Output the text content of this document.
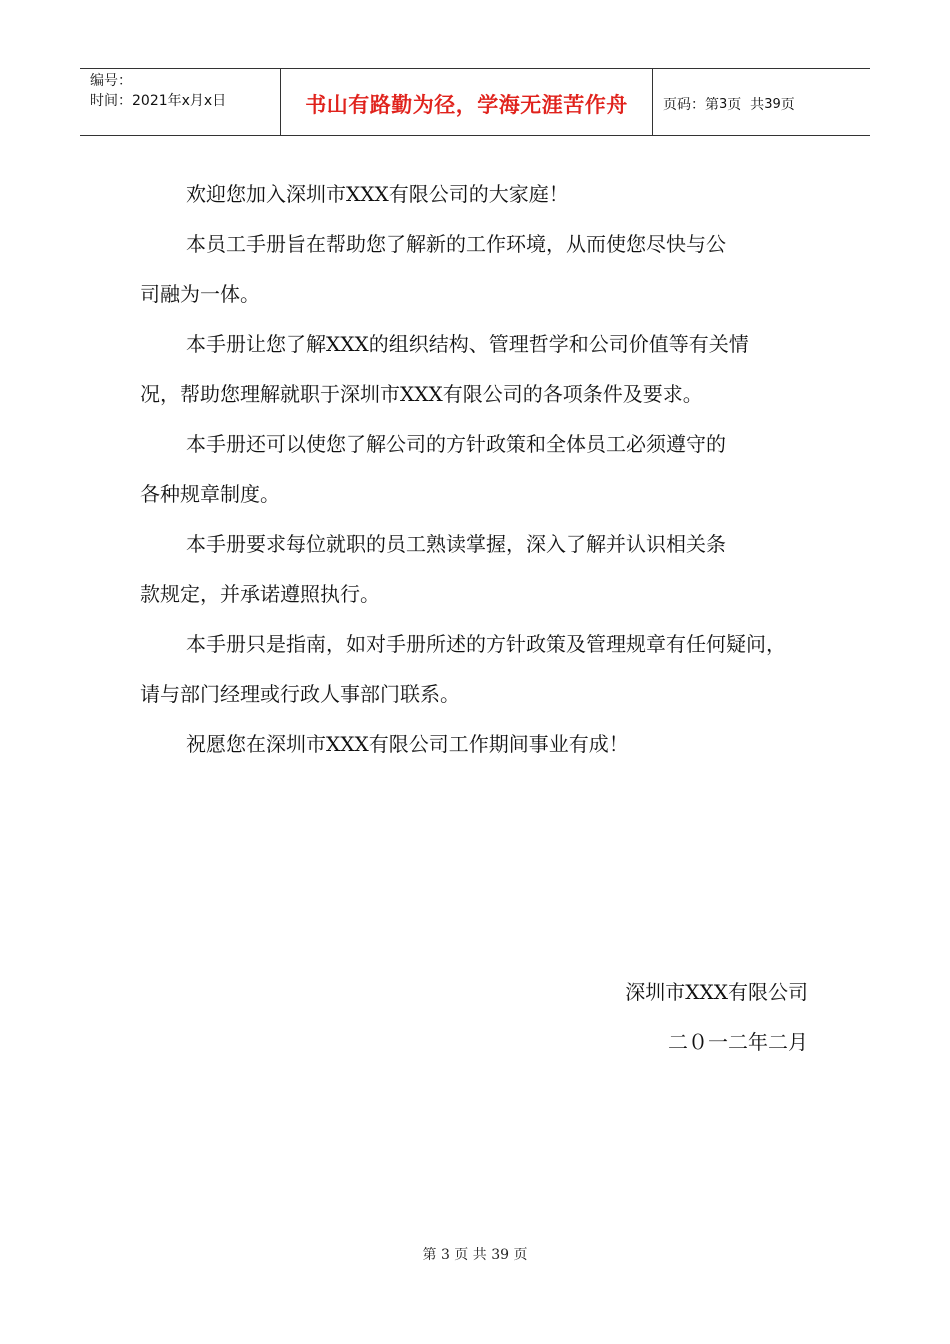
编号：
时间：2021年x月x日	书山有路勤为径，学海无涯苦作舟	页码：第 3 页  共 39 页
欢迎您加入深圳市XXX有限公司的大家庭！
本员工手册旨在帮助您了解新的工作环境，从而使您尽快与公
司融为一体。
本手册让您了解XXX的组织结构、管理哲学和公司价值等有关情
况，帮助您理解就职于深圳市XXX有限公司的各项条件及要求。
本手册还可以使您了解公司的方针政策和全体员工必须遵守的
各种规章制度。
本手册要求每位就职的员工熟读掌握，深入了解并认识相关条
款规定，并承诺遵照执行。
本手册只是指南，如对手册所述的方针政策及管理规章有任何疑问，
请与部门经理或行政人事部门联系。
祝愿您在深圳市XXX有限公司工作期间事业有成！
深圳市XXX有限公司
二０一二年二月
第 3 页 共 39 页
